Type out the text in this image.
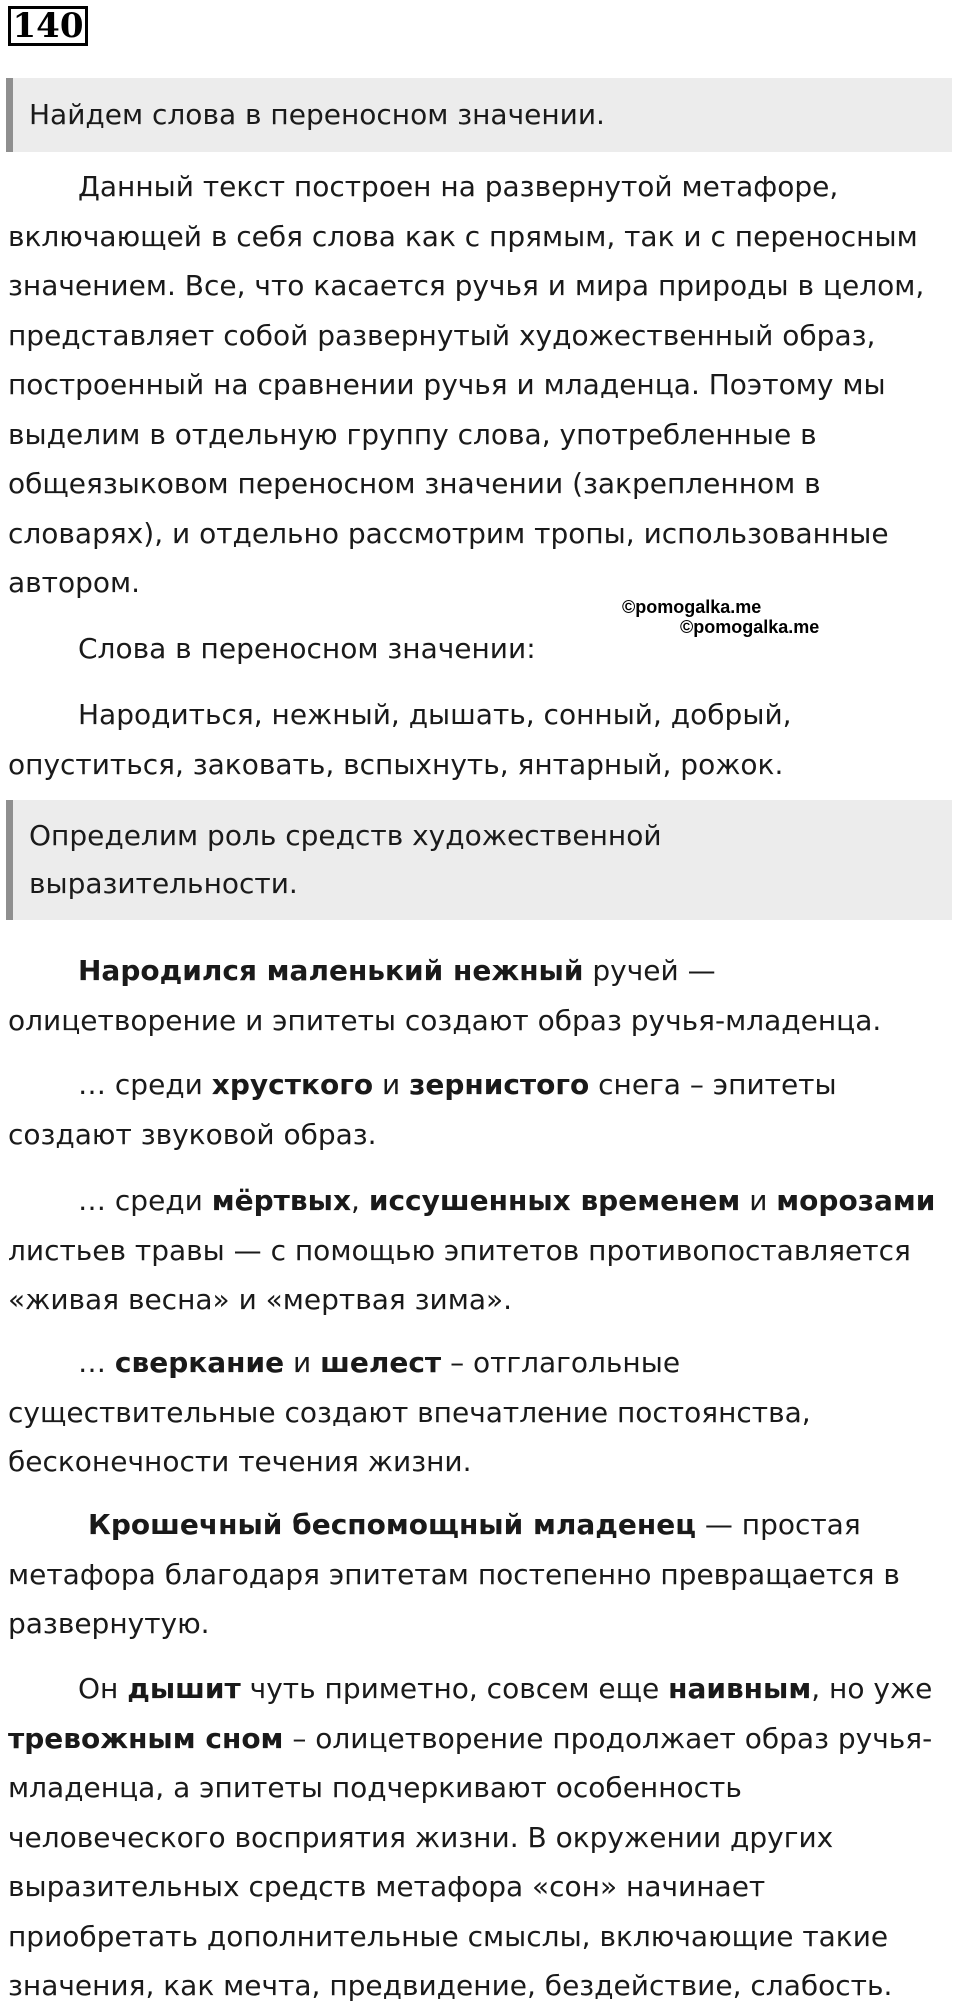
140
Найдем слова в переносном значении.
Данный текст построен на развернутой метафоре, включающей в себя слова как с прямым, так и с переносным значением. Все, что касается ручья и мира природы в целом, представляет собой развернутый художественный образ, построенный на сравнении ручья и младенца. Поэтому мы выделим в отдельную группу слова, употребленные в общеязыковом переносном значении (закрепленном в словарях), и отдельно рассмотрим тропы, использованные автором.
©pomogalka.me
©pomogalka.me
Слова в переносном значении:
Народиться, нежный, дышать, сонный, добрый, опуститься, заковать, вспыхнуть, янтарный, рожок.
Определим роль средств художественной выразительности.
Народился маленький нежный ручей — олицетворение и эпитеты создают образ ручья-младенца.
… среди хрусткого и зернистого снега – эпитеты создают звуковой образ.
… среди мёртвых, иссушенных временем и морозами листьев травы — с помощью эпитетов противопоставляется «живая весна» и «мертвая зима».
… сверкание и шелест – отглагольные существительные создают впечатление постоянства, бесконечности течения жизни.
Крошечный беспомощный младенец — простая метафора благодаря эпитетам постепенно превращается в развернутую.
Он дышит чуть приметно, совсем еще наивным, но уже тревожным сном – олицетворение продолжает образ ручья-младенца, а эпитеты подчеркивают особенность человеческого восприятия жизни. В окружении других выразительных средств метафора «сон» начинает приобретать дополнительные смыслы, включающие такие значения, как мечта, предвидение, бездействие, слабость.
